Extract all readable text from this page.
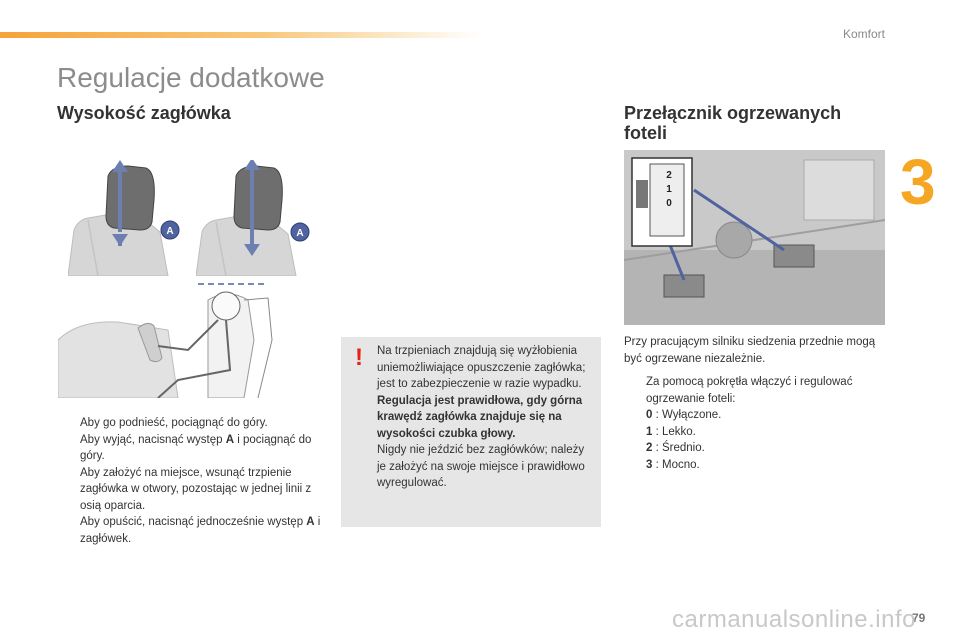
Komfort
3
Regulacje dodatkowe
Wysokość zagłówka	Przełącznik ogrzewanych foteli
A	A
2
1
0
Aby go podnieść, pociągnąć do góry.
Aby wyjąć, nacisnąć występ A i pociągnąć do góry.
Aby założyć na miejsce, wsunąć trzpienie zagłówka w otwory, pozostając w jednej linii z osią oparcia.
Aby opuścić, nacisnąć jednocześnie występ A i zagłówek.
! Na trzpieniach znajdują się wyżłobienia uniemożliwiające opuszczenie zagłówka; jest to zabezpieczenie w razie wypadku.

Regulacja jest prawidłowa, gdy górna krawędź zagłówka znajduje się na wysokości czubka głowy.

Nigdy nie jeździć bez zagłówków; należy je założyć na swoje miejsce i prawidłowo wyregulować.

Przy pracującym silniku siedzenia przednie mogą być ogrzewane niezależnie.
Za pomocą pokrętła włączyć i regulować ogrzewanie foteli:
0 : Wyłączone.
1 : Lekko.
2 : Średnio.
3 : Mocno.
79
carmanualsonline.info
